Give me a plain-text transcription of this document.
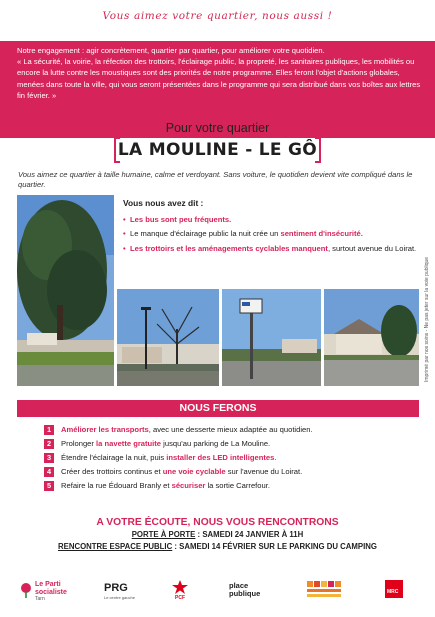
Vous aimez votre quartier, nous aussi !

Notre engagement : agir concrètement, quartier par quartier, pour améliorer votre quotidien.

« La sécurité, la voirie, la réfection des trottoirs, l'éclairage public, la propreté, les sanitaires publiques, les mobilités ou encore la lutte contre les moustiques sont des priorités de notre programme. Elles feront l'objet d'actions globales, menées dans toute la ville, qui vous seront présentées dans le programme qui sera distribué dans vos boîtes aux lettres fin février. »

Pour votre quartier
LA MOULINE - LE GÔ
Vous aimez ce quartier à taille humaine, calme et verdoyant. Sans voiture, le quotidien devient vite compliqué dans le quartier.
Vous nous avez dit :
• Les bus sont peu fréquents.
• Le manque d'éclairage public la nuit crée un sentiment d'insécurité.
• Les trottoirs et les aménagements cyclables manquent, surtout avenue du Loirat.
NOUS FERONS
1	Améliorer les transports, avec une desserte mieux adaptée au quotidien.
2	Prolonger la navette gratuite jusqu'au parking de La Mouline.
3	Étendre l'éclairage la nuit, puis installer des LED intelligentes.
4	Créer des trottoirs continus et une voie cyclable sur l'avenue du Loirat.
5	Refaire la rue Édouard Branly et sécuriser la sortie Carrefour.
A VOTRE ÉCOUTE, NOUS VOUS RENCONTRONS
PORTE À PORTE : SAMEDI 24 JANVIER À 11H
RENCONTRE ESPACE PUBLIC : SAMEDI 14 FÉVRIER SUR LE PARKING DU CAMPING
Le Parti
socialiste
Tarn
PRG
Le centre gauche	PCF
place
publique	MRC
Imprimé par nos soins - Ne pas jeter sur la voie publique
